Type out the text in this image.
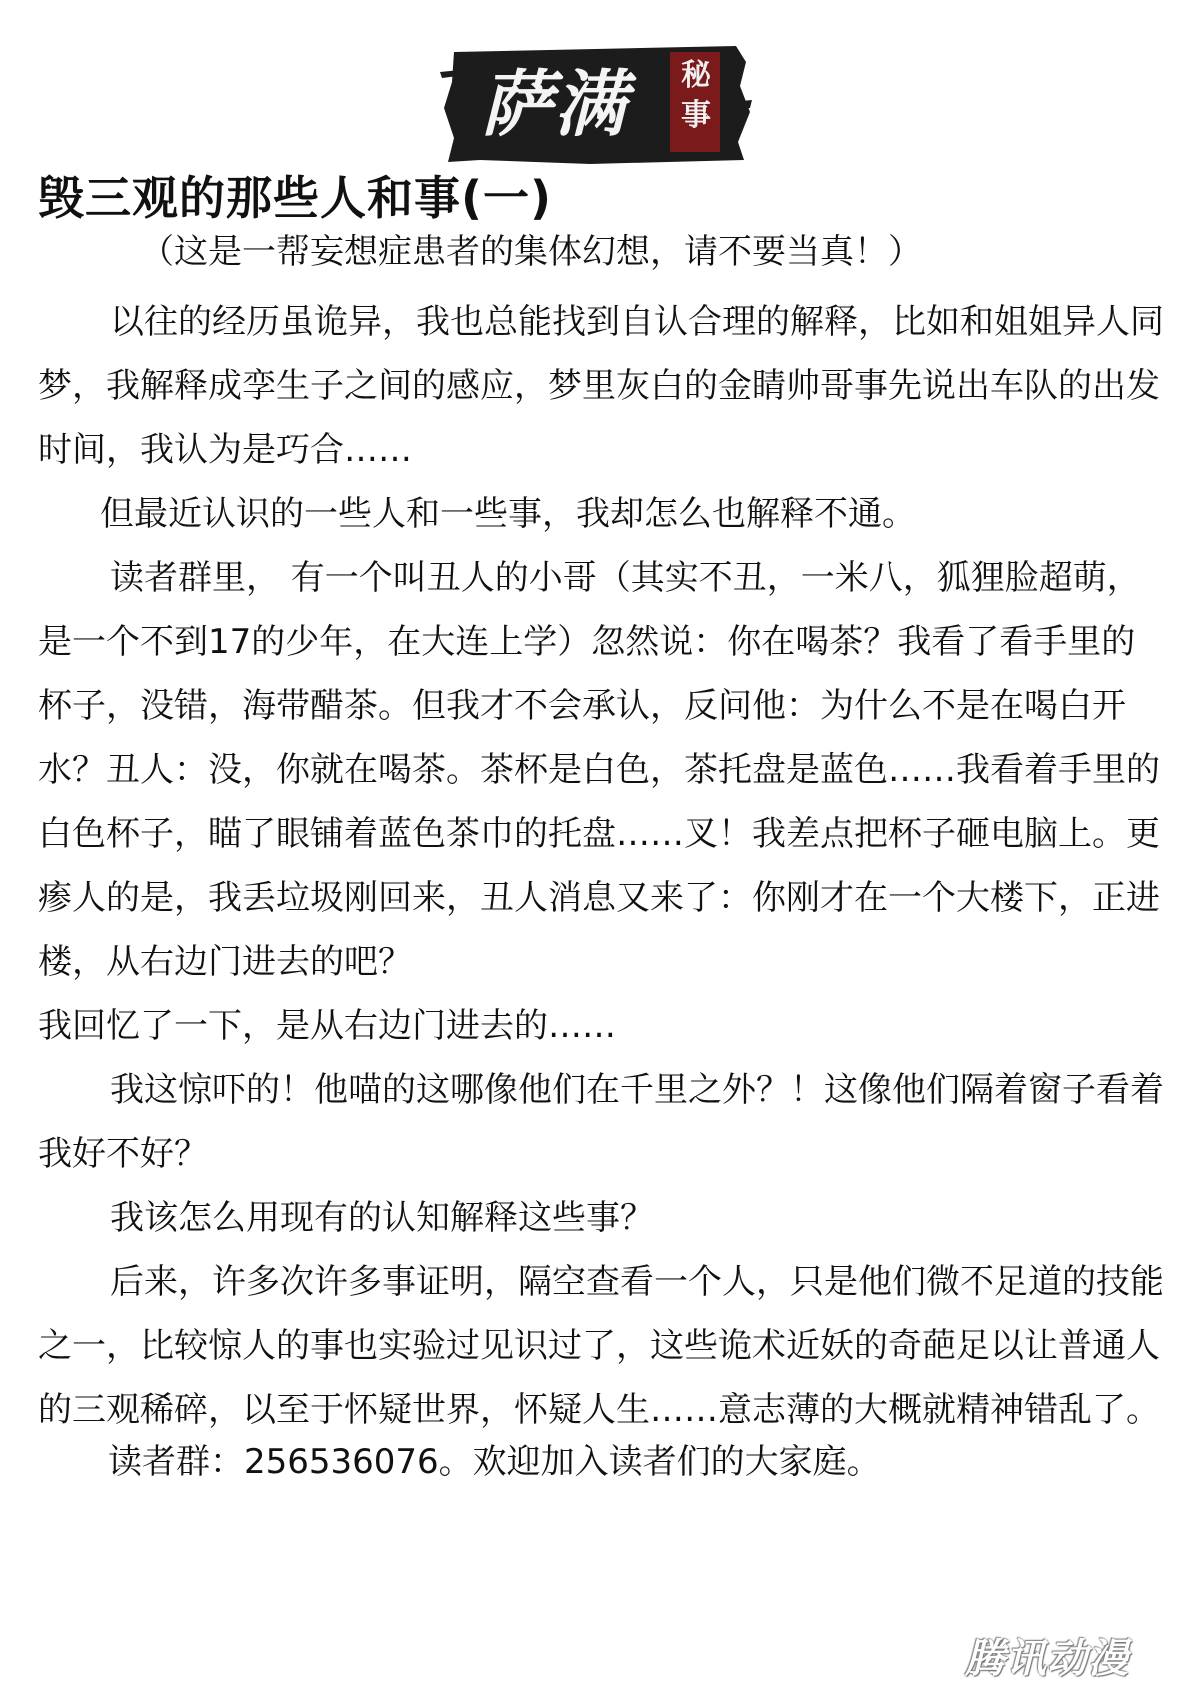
萨满 秘事
毁三观的那些人和事(一)
（这是一帮妄想症患者的集体幻想，请不要当真！）

以往的经历虽诡异，我也总能找到自认合理的解释，比如和姐姐异人同梦，我解释成孪生子之间的感应，梦里灰白的金睛帅哥事先说出车队的出发时间，我认为是巧合……

但最近认识的一些人和一些事，我却怎么也解释不通。

读者群里， 有一个叫丑人的小哥（其实不丑，一米八，狐狸脸超萌，是一个不到17的少年，在大连上学）忽然说：你在喝茶？我看了看手里的杯子，没错，海带醋茶。但我才不会承认，反问他：为什么不是在喝白开水？丑人：没，你就在喝茶。茶杯是白色，茶托盘是蓝色……我看着手里的白色杯子，瞄了眼铺着蓝色茶巾的托盘……叉！我差点把杯子砸电脑上。更瘆人的是，我丢垃圾刚回来，丑人消息又来了：你刚才在一个大楼下，正进楼，从右边门进去的吧？

我回忆了一下，是从右边门进去的……

我这惊吓的！他喵的这哪像他们在千里之外？！这像他们隔着窗子看着我好不好？

我该怎么用现有的认知解释这些事？

后来，许多次许多事证明，隔空查看一个人，只是他们微不足道的技能之一，比较惊人的事也实验过见识过了，这些诡术近妖的奇葩足以让普通人的三观稀碎，以至于怀疑世界，怀疑人生……意志薄的大概就精神错乱了。

读者群：256536076。欢迎加入读者们的大家庭。
腾讯动漫
